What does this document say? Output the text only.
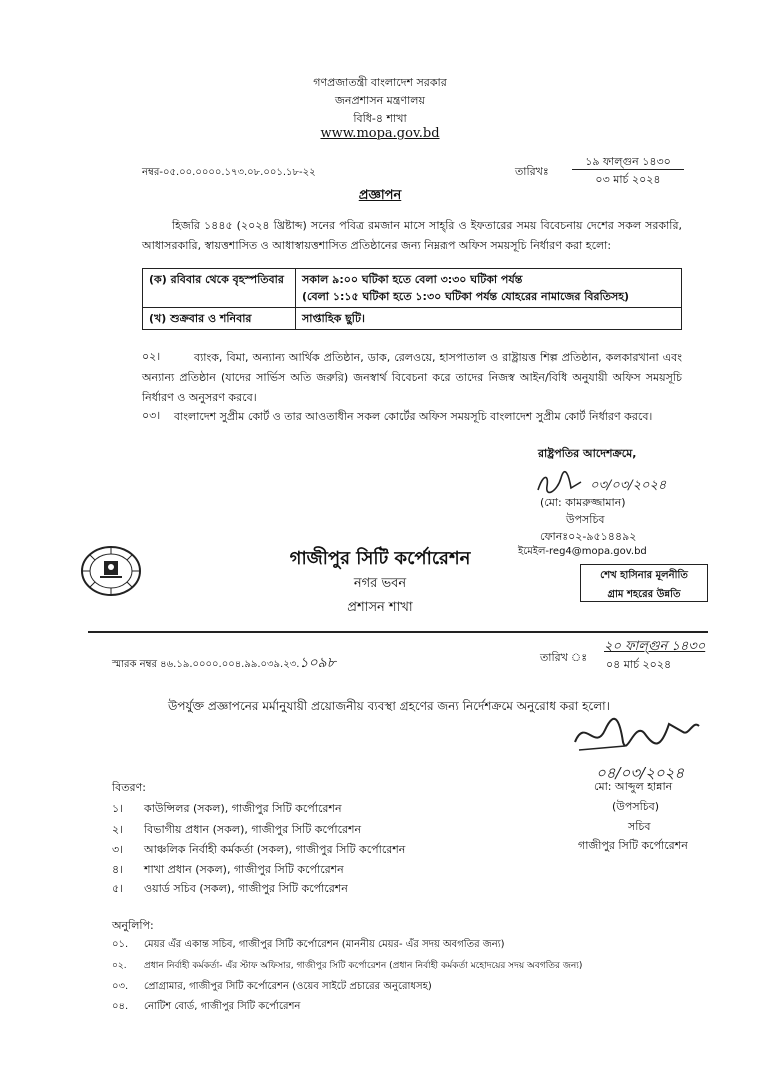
গণপ্রজাতন্ত্রী বাংলাদেশ সরকার
জনপ্রশাসন মন্ত্রণালয়
বিধি-৪ শাখা
www.mopa.gov.bd
নম্বর-০৫.০০.০০০০.১৭৩.০৮.০০১.১৮-২২	তারিখঃ
১৯ ফাল্গুন ১৪৩০
০৩ মার্চ ২০২৪
প্রজ্ঞাপন
হিজরি ১৪৪৫ (২০২৪ খ্রিষ্টাব্দ) সনের পবিত্র রমজান মাসে সাহ্‌রি ও ইফতারের সময় বিবেচনায় দেশের সকল সরকারি, আধাসরকারি, স্বায়ত্তশাসিত ও আধাস্বায়ত্তশাসিত প্রতিষ্ঠানের জন্য নিম্নরূপ অফিস সময়সূচি নির্ধারণ করা হলো:
(ক) রবিবার থেকে বৃহস্পতিবার	সকাল ৯:০০ ঘটিকা হতে বেলা ৩:৩০ ঘটিকা পর্যন্ত
(বেলা ১:১৫ ঘটিকা হতে ১:৩০ ঘটিকা পর্যন্ত যোহরের নামাজের বিরতিসহ)

(খ) শুক্রবার ও শনিবার	সাপ্তাহিক ছুটি।
০২।	ব্যাংক, বিমা, অন্যান্য আর্থিক প্রতিষ্ঠান, ডাক, রেলওয়ে, হাসপাতাল ও রাষ্ট্রায়ত্ত শিল্প প্রতিষ্ঠান, কলকারখানা এবং অন্যান্য প্রতিষ্ঠান (যাদের সার্ভিস অতি জরুরি) জনস্বার্থ বিবেচনা করে তাদের নিজস্ব আইন/বিধি অনুযায়ী অফিস সময়সূচি নির্ধারণ ও অনুসরণ করবে।
০৩।	বাংলাদেশ সুপ্রীম কোর্ট ও তার আওতাধীন সকল কোর্টের অফিস সময়সূচি বাংলাদেশ সুপ্রীম কোর্ট নির্ধারণ করবে।
রাষ্ট্রপতির আদেশক্রমে,
০৩/০৩/২০২৪
(মো: কামরুজ্জামান)
উপসচিব
ফোনঃ০২-৯৫১৪৪৯২
ইমেইল-reg4@mopa.gov.bd
গাজীপুর সিটি কর্পোরেশন
নগর ভবন
প্রশাসন শাখা
শেখ হাসিনার মূলনীতি
গ্রাম শহরের উন্নতি
স্মারক নম্বর ৪৬.১৯.০০০০.০০৪.৯৯.০৩৯.২৩.১০৯৮	তারিখ ঃ
২০ ফাল্গুন ১৪৩০
০৪ মার্চ ২০২৪
উপর্যুক্ত প্রজ্ঞাপনের মর্মানুযায়ী প্রয়োজনীয় ব্যবস্থা গ্রহণের জন্য নির্দেশক্রমে অনুরোধ করা হলো।
০৪/০৩/২০২৪
মো: আব্দুল হান্নান
(উপসচিব)
সচিব
গাজীপুর সিটি কর্পোরেশন
বিতরণ:
১। কাউন্সিলর (সকল), গাজীপুর সিটি কর্পোরেশন
২। বিভাগীয় প্রধান (সকল), গাজীপুর সিটি কর্পোরেশন
৩। আঞ্চলিক নির্বাহী কর্মকর্তা (সকল), গাজীপুর সিটি কর্পোরেশন
৪। শাখা প্রধান (সকল), গাজীপুর সিটি কর্পোরেশন
৫। ওয়ার্ড সচিব (সকল), গাজীপুর সিটি কর্পোরেশন
অনুলিপি:
০১. মেয়র এঁর একান্ত সচিব, গাজীপুর সিটি কর্পোরেশন (মাননীয় মেয়র- এঁর সদয় অবগতির জন্য)
০২. প্রধান নির্বাহী কর্মকর্তা- এঁর স্টাফ অফিসার, গাজীপুর সিটি কর্পোরেশন (প্রধান নির্বাহী কর্মকর্তা মহোদয়ের সদয় অবগতির জন্য)
০৩. প্রোগ্রামার, গাজীপুর সিটি কর্পোরেশন (ওয়েব সাইটে প্রচারের অনুরোধসহ)
০৪. নোটিশ বোর্ড, গাজীপুর সিটি কর্পোরেশন
